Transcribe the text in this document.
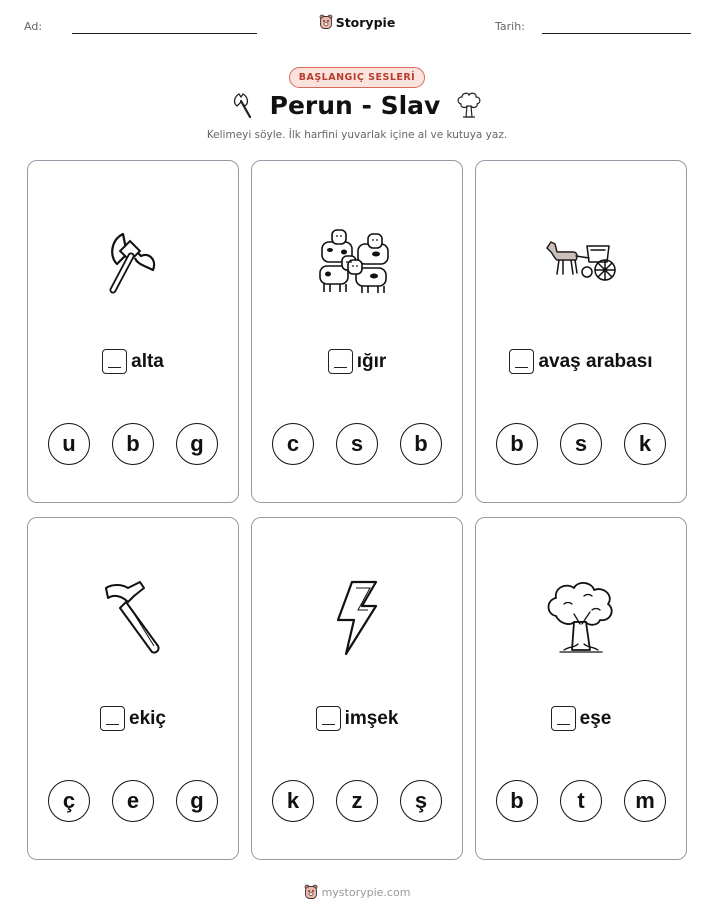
Ad:	Tarih:
Storypie
BAŞLANGIÇ SESLERİ
Perun - Slav
Kelimeyi söyle. İlk harfini yuvarlak içine al ve kutuya yaz.
alta
u	b	g
ığır
c	s	b
avaş arabası
b	s	k
ekiç
ç	e	g
imşek
k	z	ş
eşe
b	t	m
mystorypie.com
